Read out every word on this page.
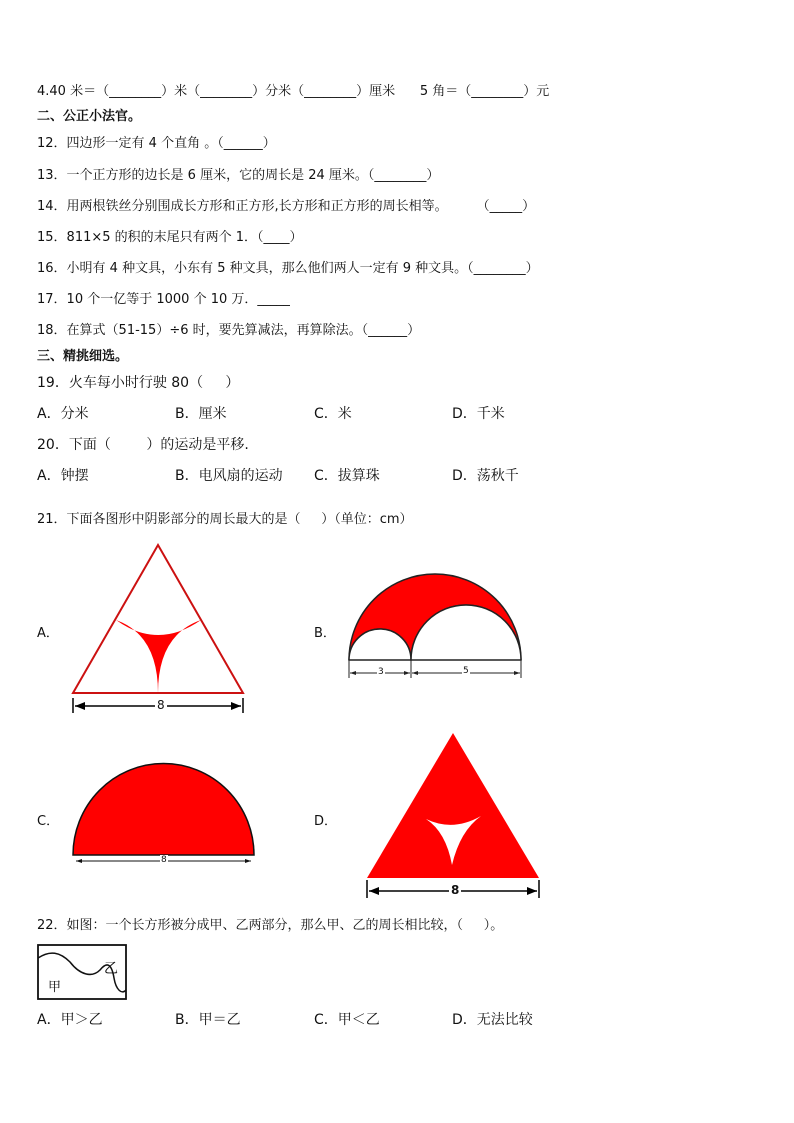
4.40 米＝（________）米（________）分米（________）厘米      5 角＝（________）元
二、公正小法官。
12．四边形一定有 4 个直角 。（______）
13．一个正方形的边长是 6 厘米，它的周长是 24 厘米。（________）
14．用两根铁丝分别围成长方形和正方形,长方形和正方形的周长相等。       （_____）
15．811×5 的积的末尾只有两个 1．（____）
16．小明有 4 种文具，小东有 5 种文具，那么他们两人一定有 9 种文具。（________）
17．10 个一亿等于 1000 个 10 万．_____
18．在算式（51-15）÷6 时，要先算减法，再算除法。（______）
三、精挑细选。
19．火车每小时行驶 80（     ）
A．分米	B．厘米	C．米	D．千米
20．下面（        ）的运动是平移.
A．钟摆	B．电风扇的运动 C．拔算珠	D．荡秋千
21．下面各图形中阴影部分的周长最大的是（     ）（单位：cm）
A．	B．
C．	D．
8
3	5
8
8
22．如图：一个长方形被分成甲、乙两部分，那么甲、乙的周长相比较，（     ）。
甲
乙
A．甲＞乙	B．甲＝乙	C．甲＜乙	D．无法比较
